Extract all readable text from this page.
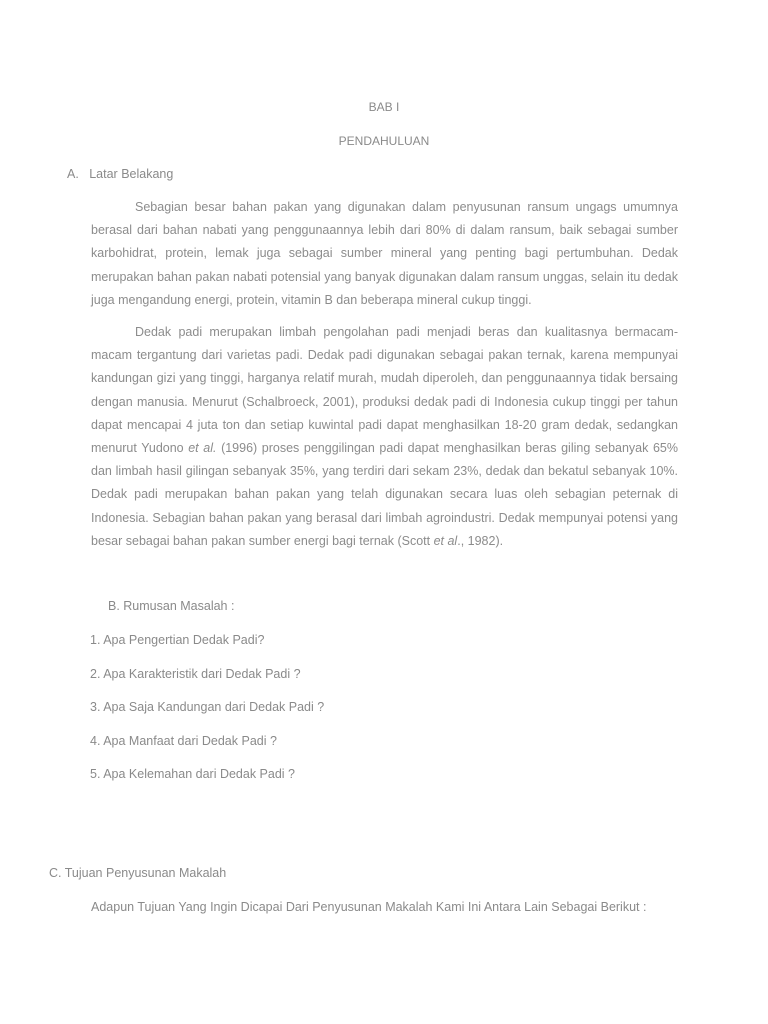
BAB I
PENDAHULUAN
A.   Latar Belakang
Sebagian besar bahan pakan yang digunakan dalam penyusunan ransum ungags umumnya berasal dari bahan nabati yang penggunaannya lebih dari 80% di dalam ransum, baik sebagai sumber karbohidrat, protein, lemak juga sebagai sumber mineral yang penting bagi pertumbuhan. Dedak merupakan bahan pakan nabati potensial yang banyak digunakan dalam ransum unggas, selain itu dedak juga mengandung energi, protein, vitamin B dan beberapa mineral cukup tinggi.
Dedak padi merupakan limbah pengolahan padi menjadi beras dan kualitasnya bermacam-macam tergantung dari varietas padi. Dedak padi digunakan sebagai pakan ternak, karena mempunyai kandungan gizi yang tinggi, harganya relatif murah, mudah diperoleh, dan penggunaannya tidak bersaing dengan manusia. Menurut (Schalbroeck, 2001), produksi dedak padi di Indonesia cukup tinggi per tahun dapat mencapai 4 juta ton dan setiap kuwintal padi dapat menghasilkan 18-20 gram dedak, sedangkan menurut Yudono et al. (1996) proses penggilingan padi dapat menghasilkan beras giling sebanyak 65% dan limbah hasil gilingan sebanyak 35%, yang terdiri dari sekam 23%, dedak dan bekatul sebanyak 10%. Dedak padi merupakan bahan pakan yang telah digunakan secara luas oleh sebagian peternak di Indonesia. Sebagian bahan pakan yang berasal dari limbah agroindustri. Dedak mempunyai potensi yang besar sebagai bahan pakan sumber energi bagi ternak (Scott et al., 1982).
B. Rumusan Masalah :
1. Apa Pengertian Dedak Padi?
2. Apa Karakteristik dari Dedak Padi ?
3. Apa Saja Kandungan dari Dedak Padi ?
4. Apa Manfaat dari Dedak Padi ?
5. Apa Kelemahan dari Dedak Padi ?
C. Tujuan Penyusunan Makalah
Adapun Tujuan Yang Ingin Dicapai Dari Penyusunan Makalah Kami Ini Antara Lain Sebagai Berikut :
